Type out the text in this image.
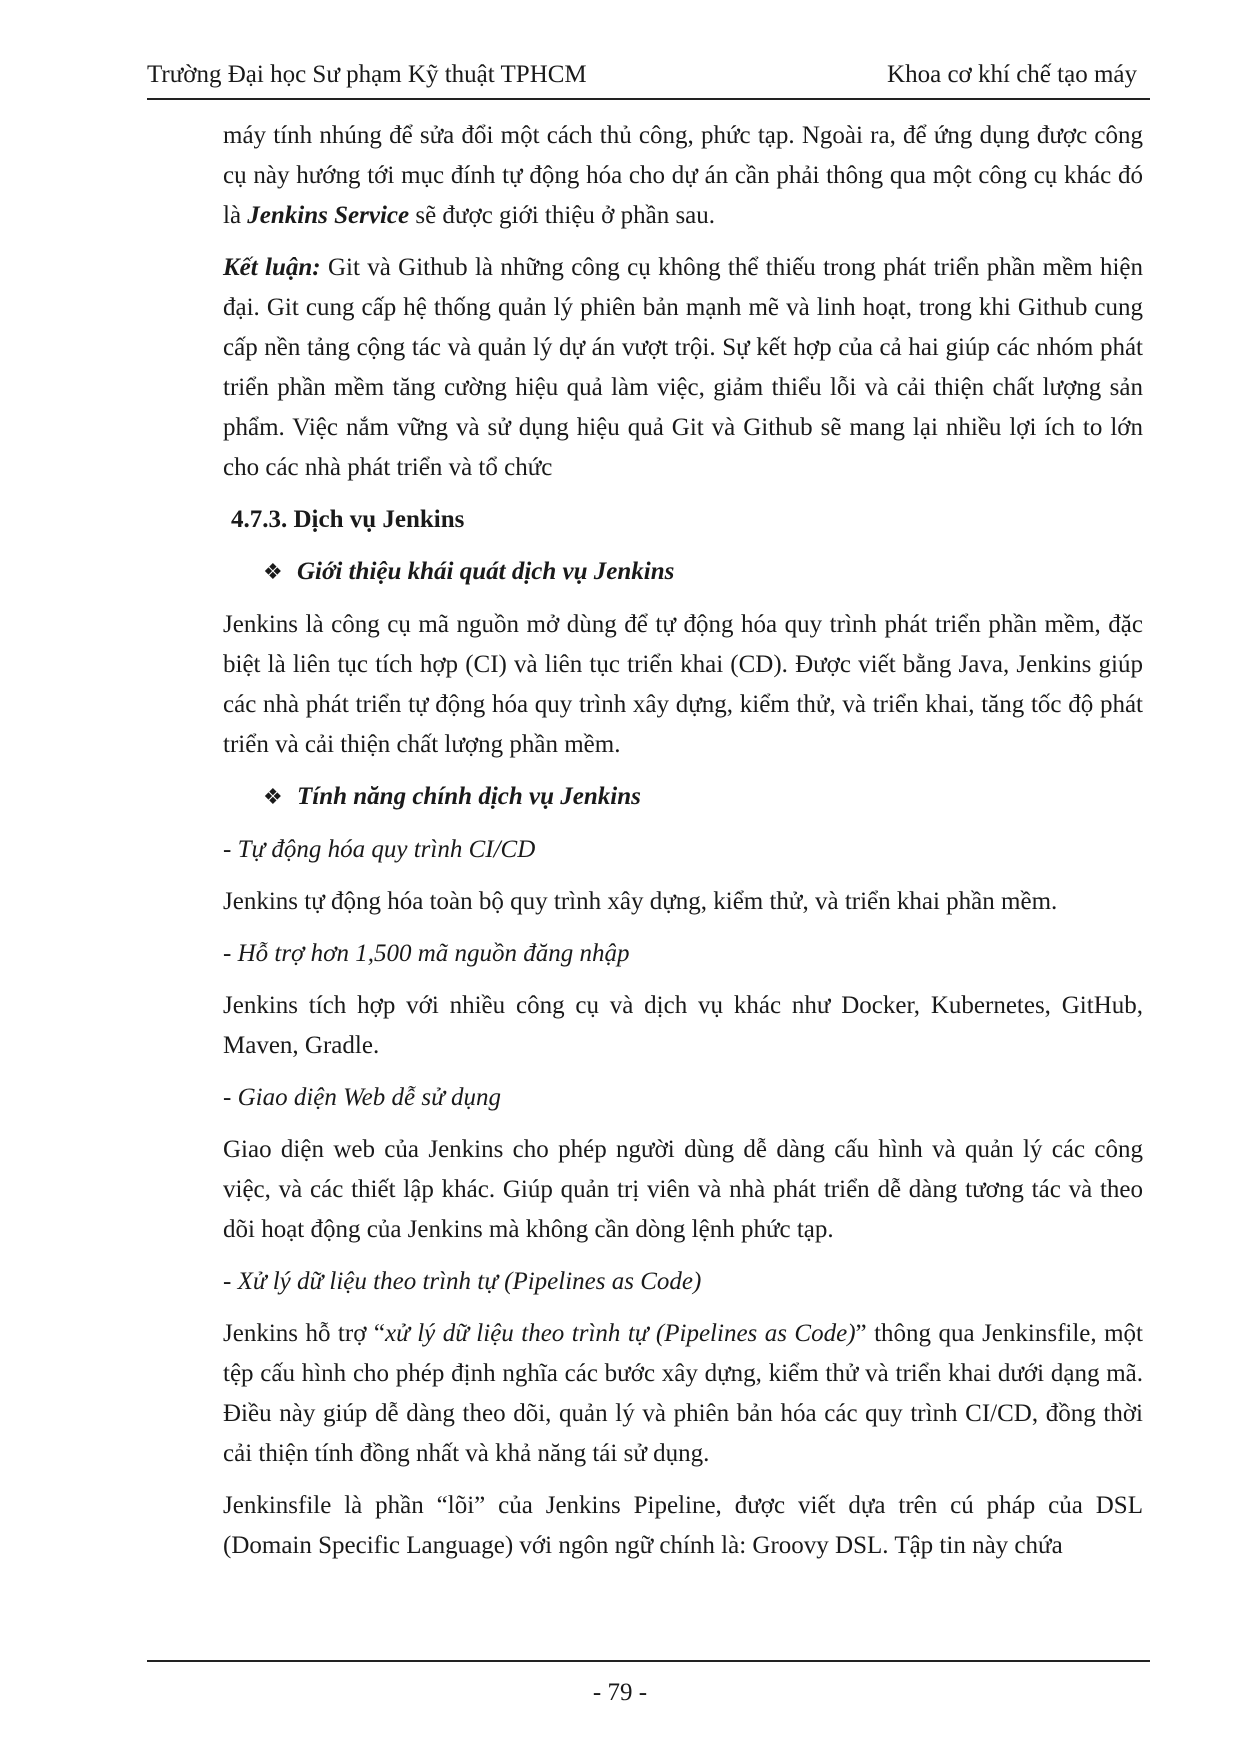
Trường Đại học Sư phạm Kỹ thuật TPHCM	Khoa cơ khí chế tạo máy

máy tính nhúng để sửa đổi một cách thủ công, phức tạp. Ngoài ra, để ứng dụng được công cụ này hướng tới mục đính tự động hóa cho dự án cần phải thông qua một công cụ khác đó là Jenkins Service sẽ được giới thiệu ở phần sau.

Kết luận: Git và Github là những công cụ không thể thiếu trong phát triển phần mềm hiện đại. Git cung cấp hệ thống quản lý phiên bản mạnh mẽ và linh hoạt, trong khi Github cung cấp nền tảng cộng tác và quản lý dự án vượt trội. Sự kết hợp của cả hai giúp các nhóm phát triển phần mềm tăng cường hiệu quả làm việc, giảm thiểu lỗi và cải thiện chất lượng sản phẩm. Việc nắm vững và sử dụng hiệu quả Git và Github sẽ mang lại nhiều lợi ích to lớn cho các nhà phát triển và tổ chức

4.7.3. Dịch vụ Jenkins
❖ Giới thiệu khái quát dịch vụ Jenkins

Jenkins là công cụ mã nguồn mở dùng để tự động hóa quy trình phát triển phần mềm, đặc biệt là liên tục tích hợp (CI) và liên tục triển khai (CD). Được viết bằng Java, Jenkins giúp các nhà phát triển tự động hóa quy trình xây dựng, kiểm thử, và triển khai, tăng tốc độ phát triển và cải thiện chất lượng phần mềm.

❖ Tính năng chính dịch vụ Jenkins
- Tự động hóa quy trình CI/CD

Jenkins tự động hóa toàn bộ quy trình xây dựng, kiểm thử, và triển khai phần mềm.

- Hỗ trợ hơn 1,500 mã nguồn đăng nhập

Jenkins tích hợp với nhiều công cụ và dịch vụ khác như Docker, Kubernetes, GitHub, Maven, Gradle.

- Giao diện Web dễ sử dụng

Giao diện web của Jenkins cho phép người dùng dễ dàng cấu hình và quản lý các công việc, và các thiết lập khác. Giúp quản trị viên và nhà phát triển dễ dàng tương tác và theo dõi hoạt động của Jenkins mà không cần dòng lệnh phức tạp.

- Xử lý dữ liệu theo trình tự (Pipelines as Code)

Jenkins hỗ trợ “xử lý dữ liệu theo trình tự (Pipelines as Code)” thông qua Jenkinsfile, một tệp cấu hình cho phép định nghĩa các bước xây dựng, kiểm thử và triển khai dưới dạng mã. Điều này giúp dễ dàng theo dõi, quản lý và phiên bản hóa các quy trình CI/CD, đồng thời cải thiện tính đồng nhất và khả năng tái sử dụng.

Jenkinsfile là phần “lõi” của Jenkins Pipeline, được viết dựa trên cú pháp của DSL (Domain Specific Language) với ngôn ngữ chính là: Groovy DSL. Tập tin này chứa

- 79 -
